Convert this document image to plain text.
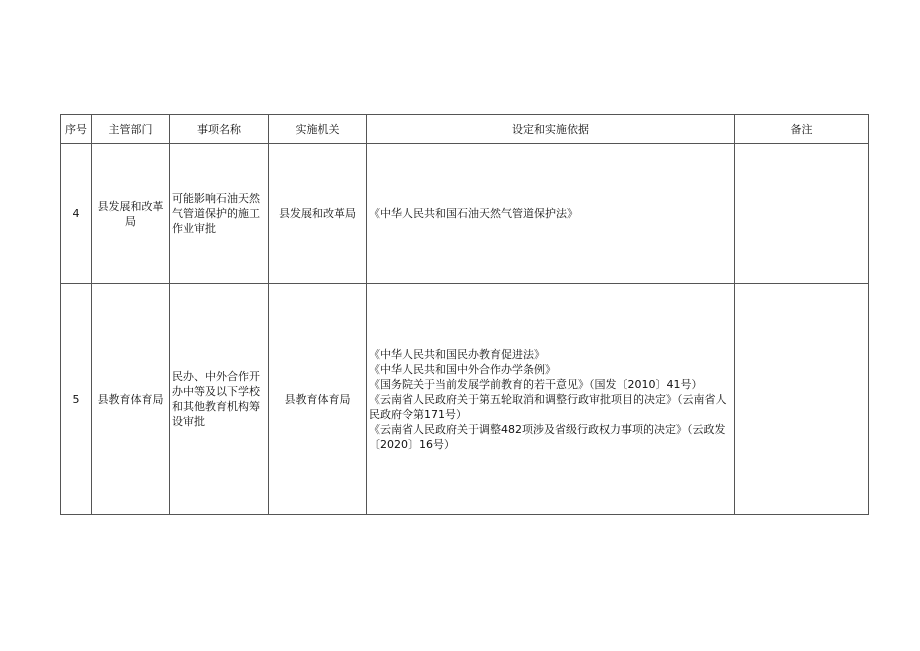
序号	主管部门	事项名称	实施机关	设定和实施依据	备注
4	县发展和改革局	可能影响石油天然气管道保护的施工作业审批	县发展和改革局	《中华人民共和国石油天然气管道保护法》	

5	县教育体育局	民办、中外合作开办中等及以下学校和其他教育机构筹设审批	县教育体育局	《中华人民共和国民办教育促进法》
《中华人民共和国中外合作办学条例》
《国务院关于当前发展学前教育的若干意见》（国发〔2010〕41号）
《云南省人民政府关于第五轮取消和调整行政审批项目的决定》（云南省人民政府令第171号）
《云南省人民政府关于调整482项涉及省级行政权力事项的决定》（云政发〔2020〕16号）	
